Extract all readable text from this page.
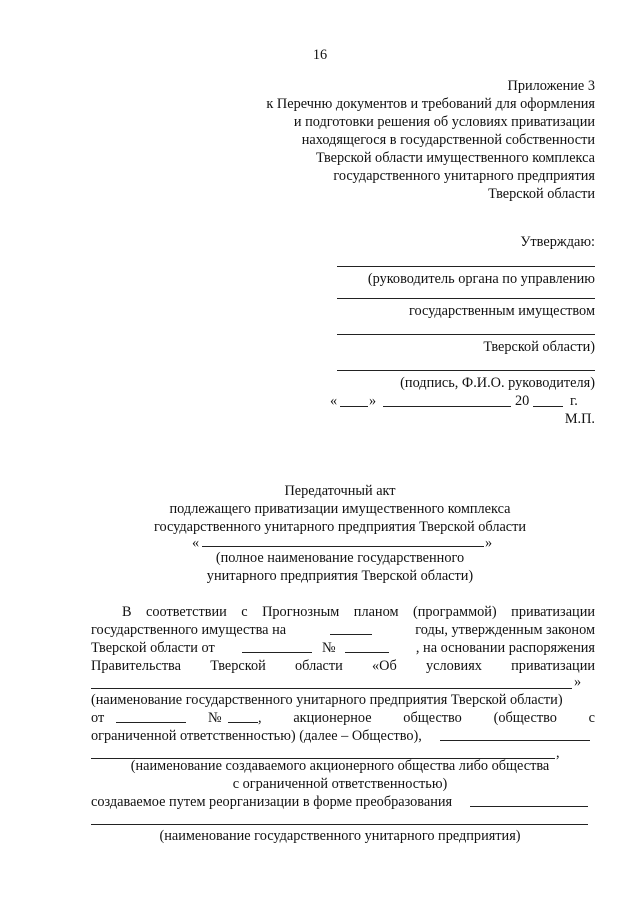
16
Приложение 3
к Перечню документов и требований для оформления
и подготовки решения об условиях приватизации
находящегося в государственной собственности
Тверской области имущественного комплекса
государственного унитарного предприятия
Тверской области
Утверждаю:
(руководитель органа по управлению
государственным имуществом
Тверской области)
(подпись, Ф.И.О. руководителя)
« »	20	г.
М.П.
Передаточный акт
подлежащего приватизации имущественного комплекса
государственного унитарного предприятия Тверской области
«	»
(полное наименование государственного
унитарного предприятия Тверской области)
В соответствии с Прогнозным планом (программой) приватизации
государственного имущества на	годы, утвержденным законом
Тверской области от	№	, на основании распоряжения
Правительства Тверской области «Об условиях приватизации
»
(наименование государственного унитарного предприятия Тверской области)
от	№	, акционерное общество (общество с
ограниченной ответственностью) (далее – Общество),
,
(наименование создаваемого акционерного общества либо общества
с ограниченной ответственностью)
создаваемое путем реорганизации в форме преобразования
(наименование государственного унитарного предприятия)
